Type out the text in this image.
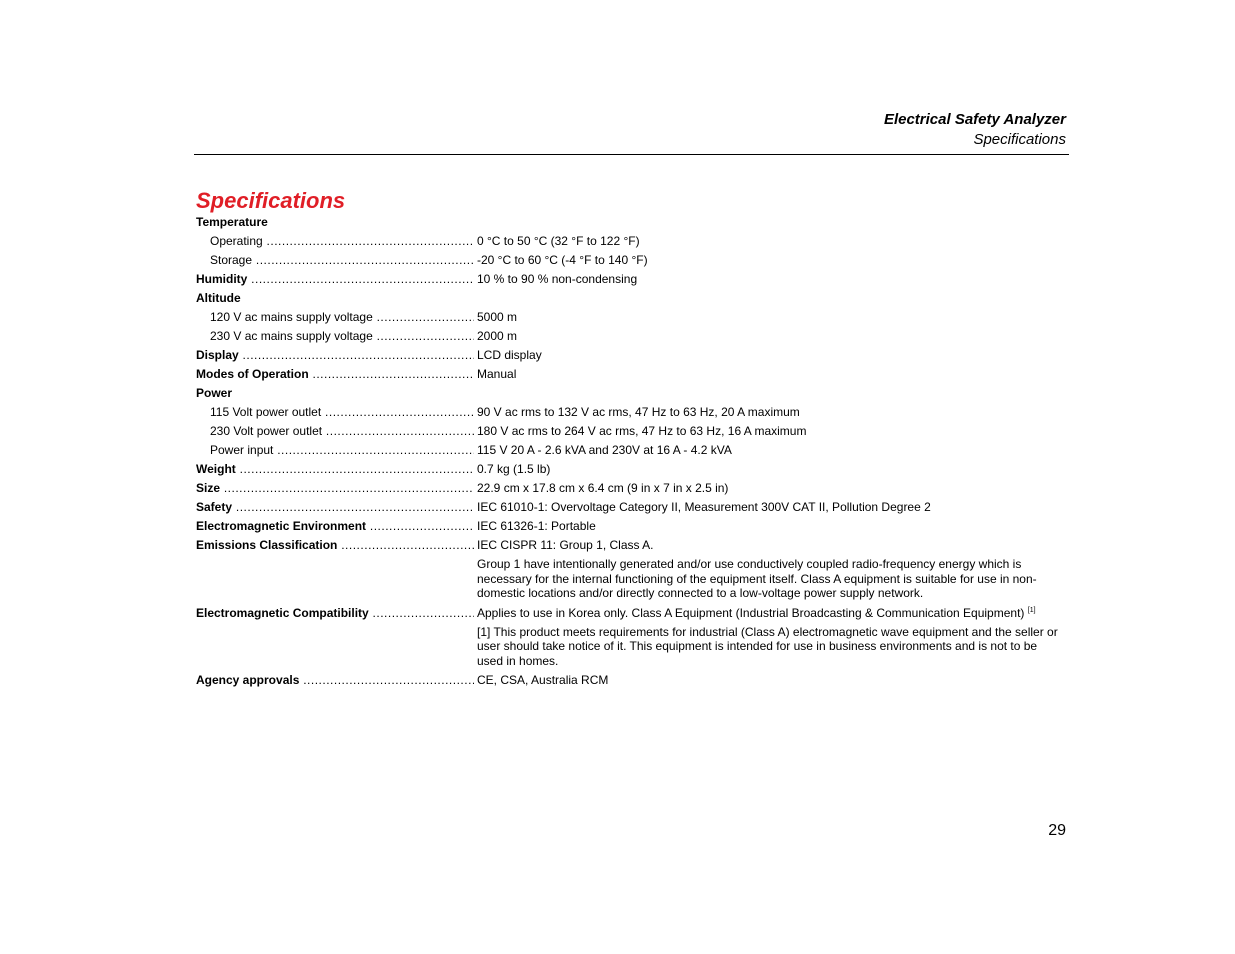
Electrical Safety Analyzer
Specifications
Specifications
Temperature
Operating .....	0 °C to 50 °C (32 °F to 122 °F)
Storage .....	-20 °C to 60 °C (-4 °F to 140 °F)
Humidity .....	10 % to 90 % non-condensing
Altitude
120 V ac mains supply voltage .....	5000 m
230 V ac mains supply voltage .....	2000 m
Display .....	LCD display
Modes of Operation .....	Manual
Power
115 Volt power outlet .....	90 V ac rms to 132 V ac rms, 47 Hz to 63 Hz, 20 A maximum
230 Volt power outlet .....	180 V ac rms to 264 V ac rms, 47 Hz to 63 Hz, 16 A maximum
Power input .....	115 V 20 A - 2.6 kVA and 230V at 16 A - 4.2 kVA
Weight .....	0.7 kg (1.5 lb)
Size .....	22.9 cm x 17.8 cm x 6.4 cm (9 in x 7 in x 2.5 in)
Safety .....	IEC 61010-1: Overvoltage Category II, Measurement 300V CAT II, Pollution Degree 2
Electromagnetic Environment .....	IEC 61326-1: Portable
Emissions Classification .....	IEC CISPR 11: Group 1, Class A.
Group 1 have intentionally generated and/or use conductively coupled radio-frequency energy which is necessary for the internal functioning of the equipment itself. Class A equipment is suitable for use in non-domestic locations and/or directly connected to a low-voltage power supply network.
Electromagnetic Compatibility .....	Applies to use in Korea only. Class A Equipment (Industrial Broadcasting & Communication Equipment) [1]
[1] This product meets requirements for industrial (Class A) electromagnetic wave equipment and the seller or user should take notice of it. This equipment is intended for use in business environments and is not to be used in homes.
Agency approvals .....	CE, CSA, Australia RCM
29
